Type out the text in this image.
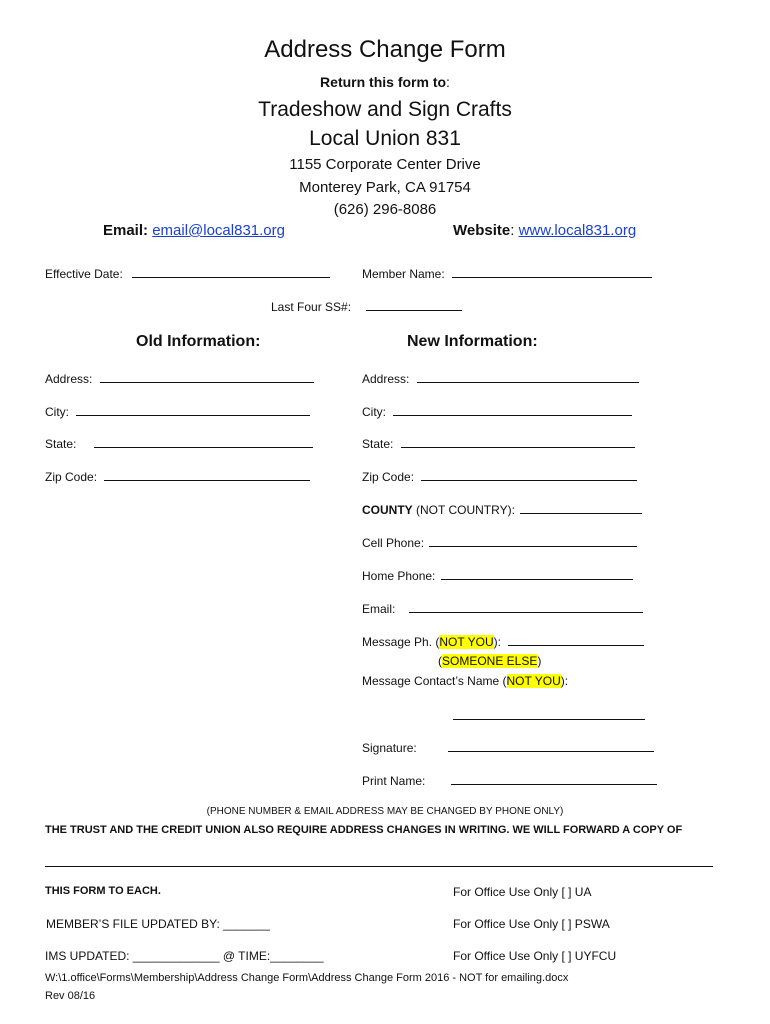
Address Change Form
Return this form to:
Tradeshow and Sign Crafts
Local Union 831
1155 Corporate Center Drive
Monterey Park, CA 91754
(626) 296-8086
Email: email@local831.org	Website: www.local831.org
Effective Date:	Member Name:
Last Four SS#:
Old Information:	New Information:
Address:
City:
State:
Zip Code:
Address:
City:
State:
Zip Code:
COUNTY (NOT COUNTRY):
Cell Phone:
Home Phone:
Email:
Message Ph. (NOT YOU):
(SOMEONE ELSE)
Message Contact’s Name (NOT YOU):
Signature:
Print Name:
(PHONE NUMBER & EMAIL ADDRESS MAY BE CHANGED BY PHONE ONLY)
THE TRUST AND THE CREDIT UNION ALSO REQUIRE ADDRESS CHANGES IN WRITING. WE WILL FORWARD A COPY OF
THIS FORM TO EACH.
MEMBER’S FILE UPDATED BY: _______
IMS UPDATED: _____________ @ TIME:________
For Office Use Only [ ] UA
For Office Use Only [ ] PSWA
For Office Use Only [ ] UYFCU
W:\1.office\Forms\Membership\Address Change Form\Address Change Form 2016 - NOT for emailing.docx
Rev 08/16
